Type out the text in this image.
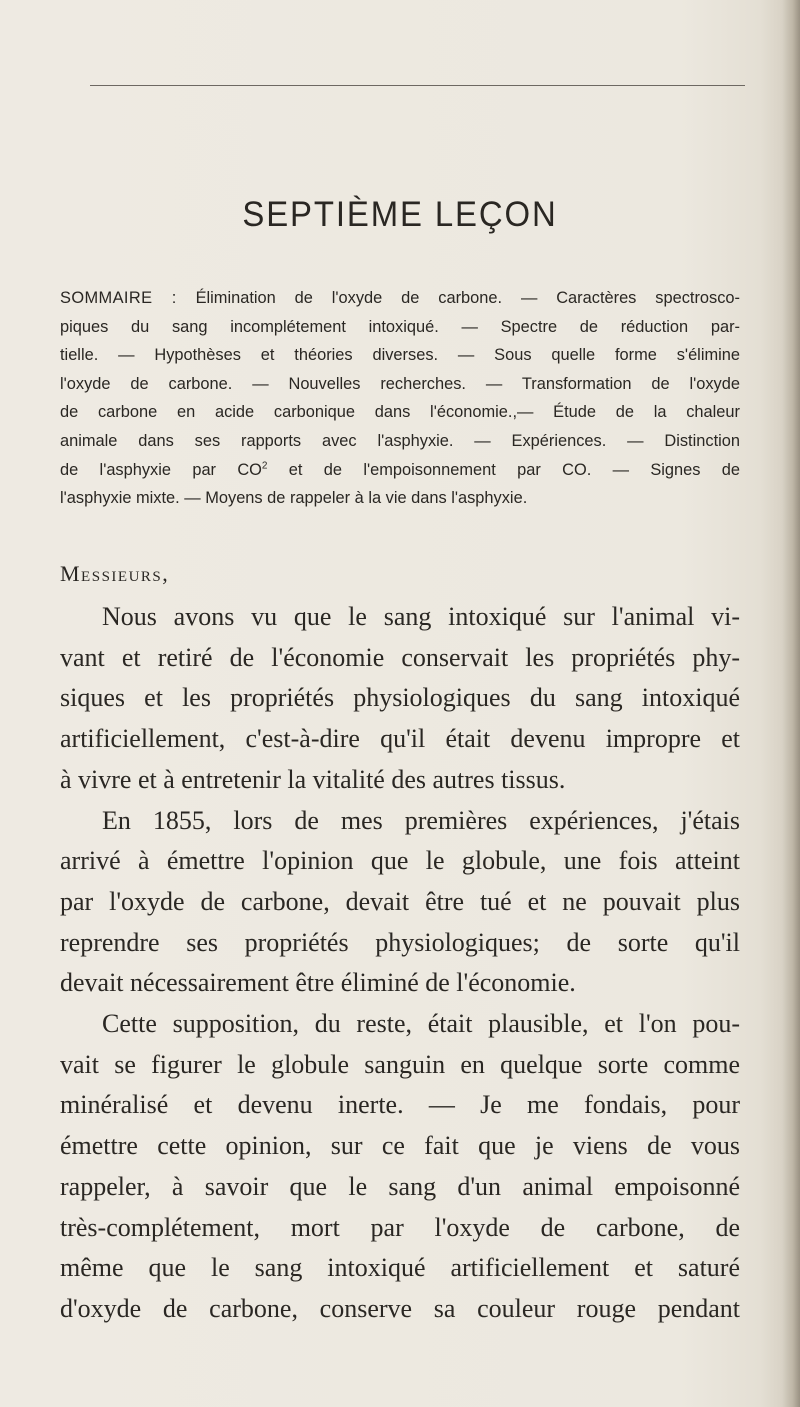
SEPTIÈME LEÇON
SOMMAIRE : Élimination de l'oxyde de carbone. — Caractères spectrosco-
piques du sang incomplétement intoxiqué. — Spectre de réduction par-
tielle. — Hypothèses et théories diverses. — Sous quelle forme s'élimine
l'oxyde de carbone. — Nouvelles recherches. — Transformation de l'oxyde
de carbone en acide carbonique dans l'économie.,— Étude de la chaleur
animale dans ses rapports avec l'asphyxie. — Expériences. — Distinction
de l'asphyxie par $CO^2$ et de l'empoisonnement par CO. — Signes de
l'asphyxie mixte. — Moyens de rappeler à la vie dans l'asphyxie.
Messieurs,
Nous avons vu que le sang intoxiqué sur l'animal vi-
vant et retiré de l'économie conservait les propriétés phy-
siques et les propriétés physiologiques du sang intoxiqué
artificiellement, c'est-à-dire qu'il était devenu impropre et
à vivre et à entretenir la vitalité des autres tissus.
En 1855, lors de mes premières expériences, j'étais
arrivé à émettre l'opinion que le globule, une fois atteint
par l'oxyde de carbone, devait être tué et ne pouvait plus
reprendre ses propriétés physiologiques; de sorte qu'il
devait nécessairement être éliminé de l'économie.
Cette supposition, du reste, était plausible, et l'on pou-
vait se figurer le globule sanguin en quelque sorte comme
minéralisé et devenu inerte. — Je me fondais, pour
émettre cette opinion, sur ce fait que je viens de vous
rappeler, à savoir que le sang d'un animal empoisonné
très-complétement, mort par l'oxyde de carbone, de
même que le sang intoxiqué artificiellement et saturé
d'oxyde de carbone, conserve sa couleur rouge pendant
